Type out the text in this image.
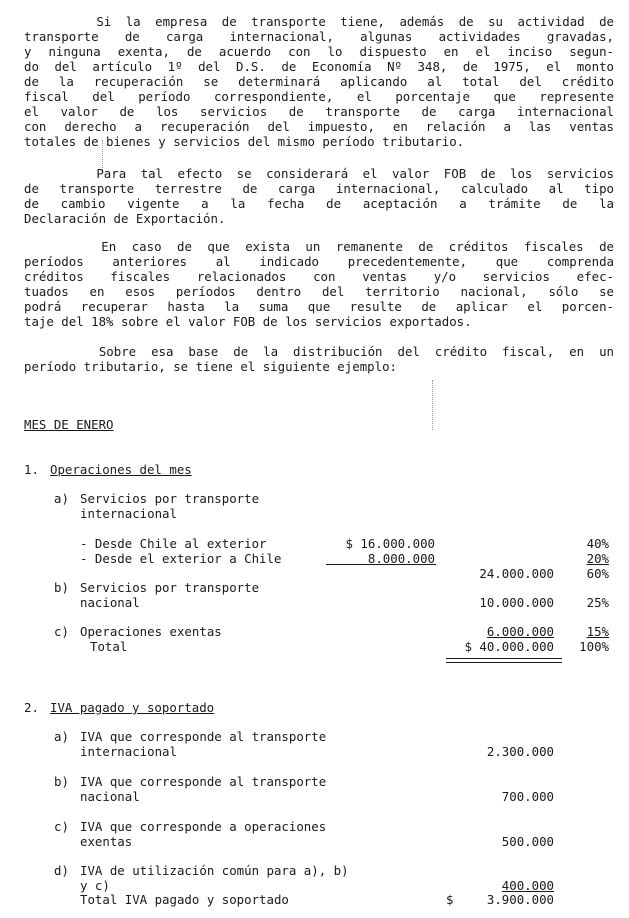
Si la empresa de transporte tiene, además de su actividad de
transporte de carga internacional, algunas actividades gravadas,
y ninguna exenta, de acuerdo con lo dispuesto en el inciso segun-
do del artículo 1º del D.S. de Economía Nº 348, de 1975, el monto
de la recuperación se determinará aplicando al total del crédito
fiscal del período correspondiente, el porcentaje que represente
el valor de los servicios de transporte de carga internacional
con derecho a recuperación del impuesto, en relación a las ventas
totales de bienes y servicios del mismo período tributario.
Para tal efecto se considerará el valor FOB de los servicios
de transporte terrestre de carga internacional, calculado al tipo
de cambio vigente a la fecha de aceptación a trámite de la
Declaración de Exportación.
En caso de que exista un remanente de créditos fiscales de
períodos anteriores al indicado precedentemente, que comprenda
créditos fiscales relacionados con ventas y/o servicios efec-
tuados en esos períodos dentro del territorio nacional, sólo se
podrá recuperar hasta la suma que resulte de aplicar el porcen-
taje del 18% sobre el valor FOB de los servicios exportados.
Sobre esa base de la distribución del crédito fiscal, en un
período tributario, se tiene el siguiente ejemplo:
MES DE ENERO
1. Operaciones del mes
a) Servicios por transporte
internacional
- Desde Chile al exterior	$ 16.000.000	40%
- Desde el exterior a Chile	8.000.000	20%
24.000.000	60%
b) Servicios por transporte
nacional	10.000.000	25%
c) Operaciones exentas	6.000.000	15%
Total	$ 40.000.000	100%
2. IVA pagado y soportado
a) IVA que corresponde al transporte
internacional	2.300.000
b) IVA que corresponde al transporte
nacional	700.000
c) IVA que corresponde a operaciones
exentas	500.000
d) IVA de utilización común para a), b)
y c)	400.000
Total IVA pagado y soportado	$	3.900.000
